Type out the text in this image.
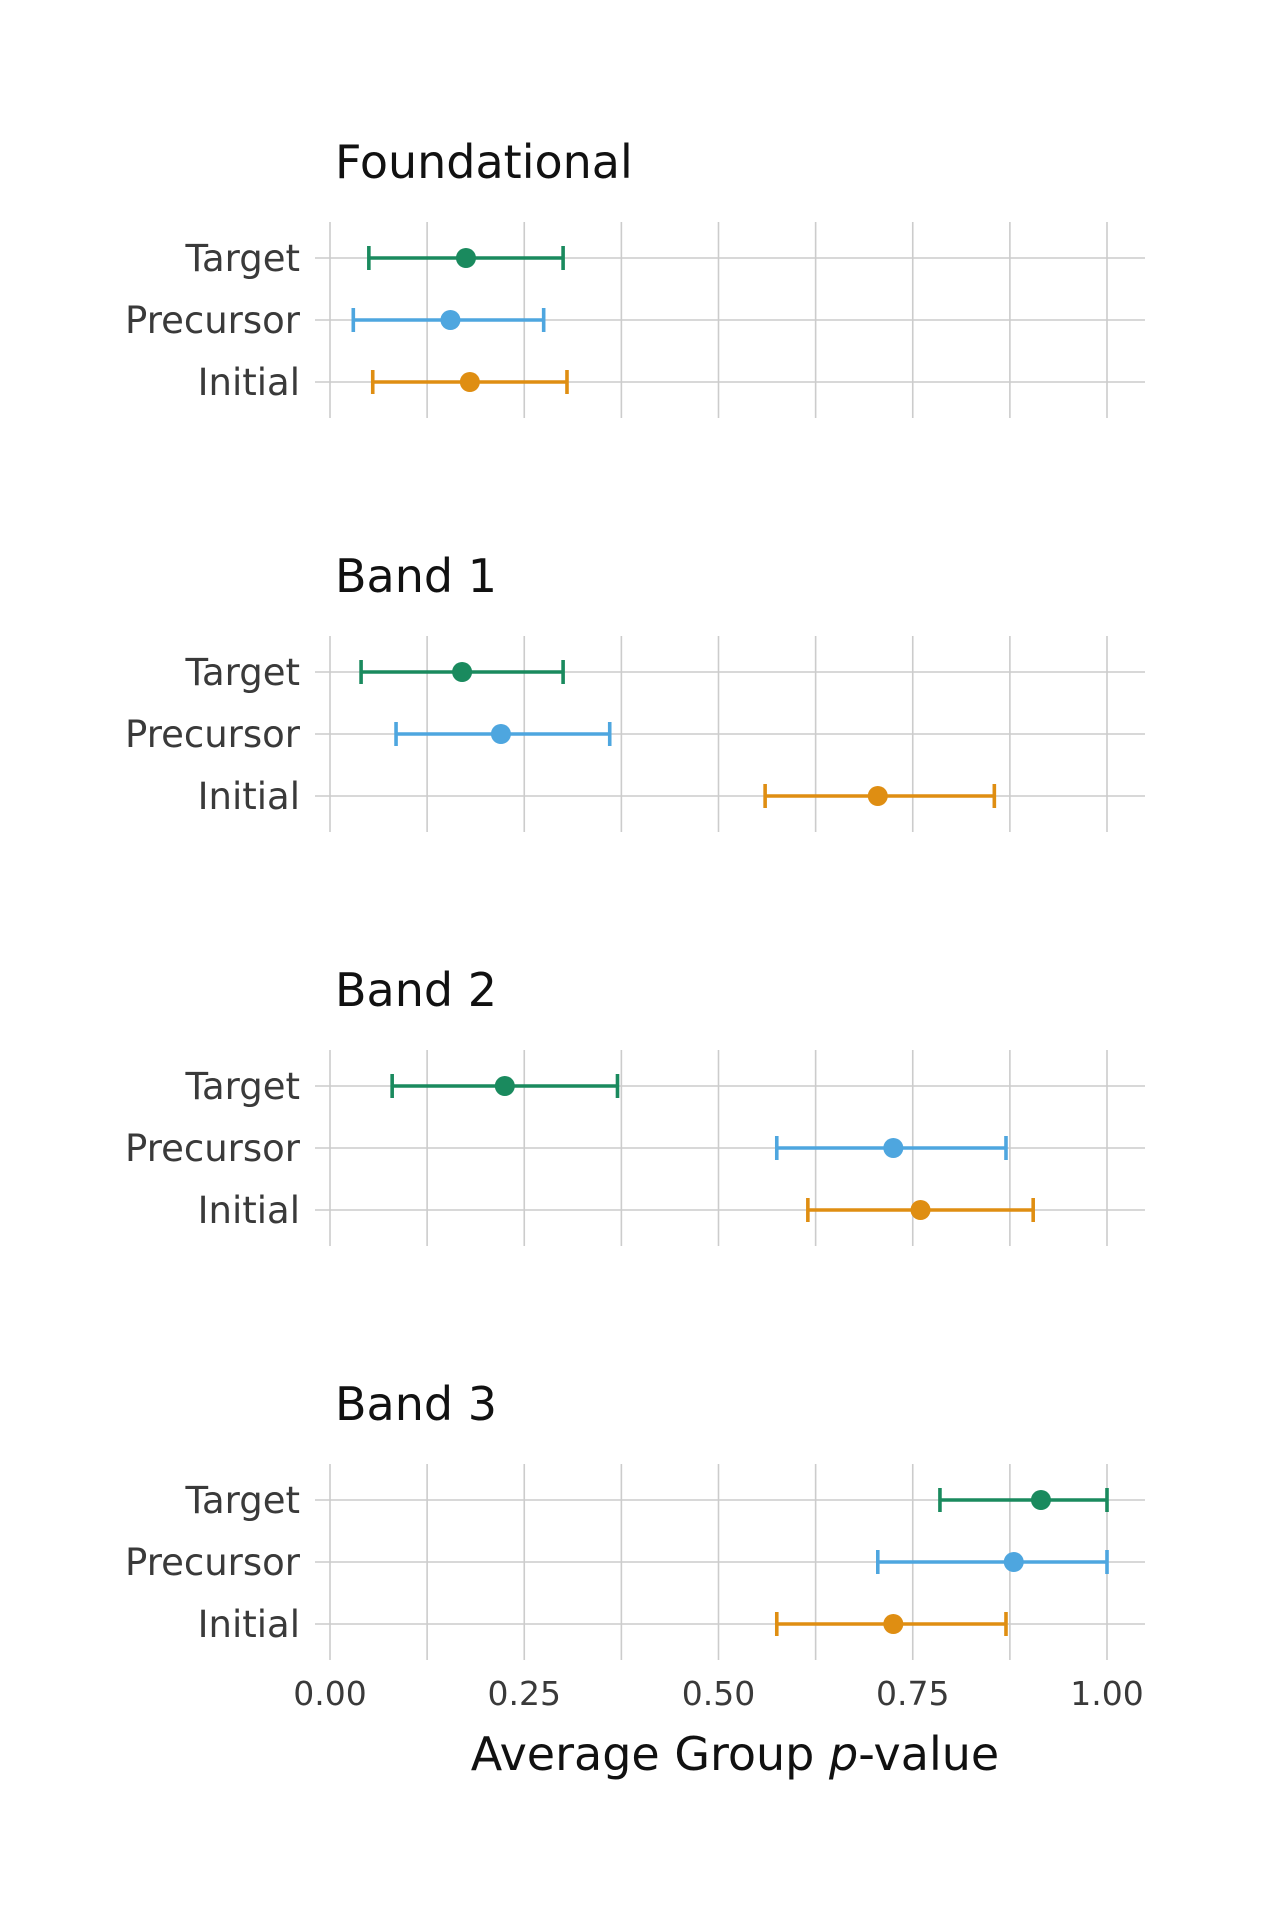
Foundational
Target
Precursor
Initial
Band 1
Target
Precursor
Initial
Band 2
Target
Precursor
Initial
Band 3
Target
Precursor
Initial
0.00	0.25	0.50	0.75	1.00
Average Group p-value
